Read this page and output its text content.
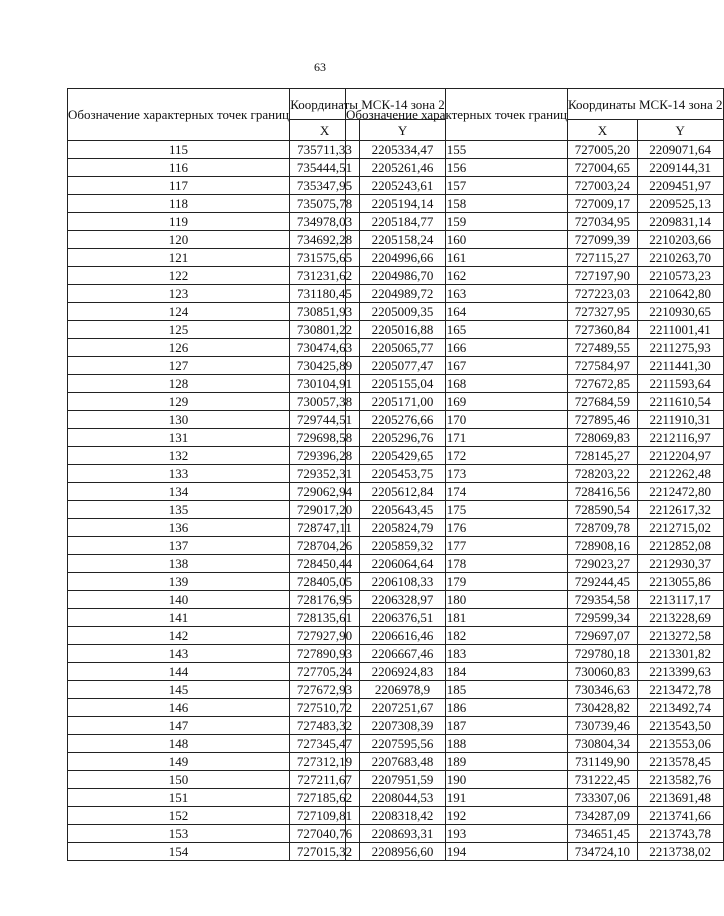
63
Обозначение характерных точек границ	Координаты МСК-14 зона 2	
	X	Y
115	735711,33	2205334,47
116	735444,51	2205261,46
117	735347,95	2205243,61
118	735075,78	2205194,14
119	734978,03	2205184,77
120	734692,28	2205158,24
121	731575,65	2204996,66
122	731231,62	2204986,70
123	731180,45	2204989,72
124	730851,93	2205009,35
125	730801,22	2205016,88
126	730474,63	2205065,77
127	730425,89	2205077,47
128	730104,91	2205155,04
129	730057,38	2205171,00
130	729744,51	2205276,66
131	729698,58	2205296,76
132	729396,28	2205429,65
133	729352,31	2205453,75
134	729062,94	2205612,84
135	729017,20	2205643,45
136	728747,11	2205824,79
137	728704,26	2205859,32
138	728450,44	2206064,64
139	728405,05	2206108,33
140	728176,95	2206328,97
141	728135,61	2206376,51
142	727927,90	2206616,46
143	727890,93	2206667,46
144	727705,24	2206924,83
145	727672,93	2206978,9
146	727510,72	2207251,67
147	727483,32	2207308,39
148	727345,47	2207595,56
149	727312,19	2207683,48
150	727211,67	2207951,59
151	727185,62	2208044,53
152	727109,81	2208318,42
153	727040,76	2208693,31
154	727015,32	2208956,60
Обозначение характерных точек границ	Координаты МСК-14 зона 2	
	X	Y
155	727005,20	2209071,64
156	727004,65	2209144,31
157	727003,24	2209451,97
158	727009,17	2209525,13
159	727034,95	2209831,14
160	727099,39	2210203,66
161	727115,27	2210263,70
162	727197,90	2210573,23
163	727223,03	2210642,80
164	727327,95	2210930,65
165	727360,84	2211001,41
166	727489,55	2211275,93
167	727584,97	2211441,30
168	727672,85	2211593,64
169	727684,59	2211610,54
170	727895,46	2211910,31
171	728069,83	2212116,97
172	728145,27	2212204,97
173	728203,22	2212262,48
174	728416,56	2212472,80
175	728590,54	2212617,32
176	728709,78	2212715,02
177	728908,16	2212852,08
178	729023,27	2212930,37
179	729244,45	2213055,86
180	729354,58	2213117,17
181	729599,34	2213228,69
182	729697,07	2213272,58
183	729780,18	2213301,82
184	730060,83	2213399,63
185	730346,63	2213472,78
186	730428,82	2213492,74
187	730739,46	2213543,50
188	730804,34	2213553,06
189	731149,90	2213578,45
190	731222,45	2213582,76
191	733307,06	2213691,48
192	734287,09	2213741,66
193	734651,45	2213743,78
194	734724,10	2213738,02
